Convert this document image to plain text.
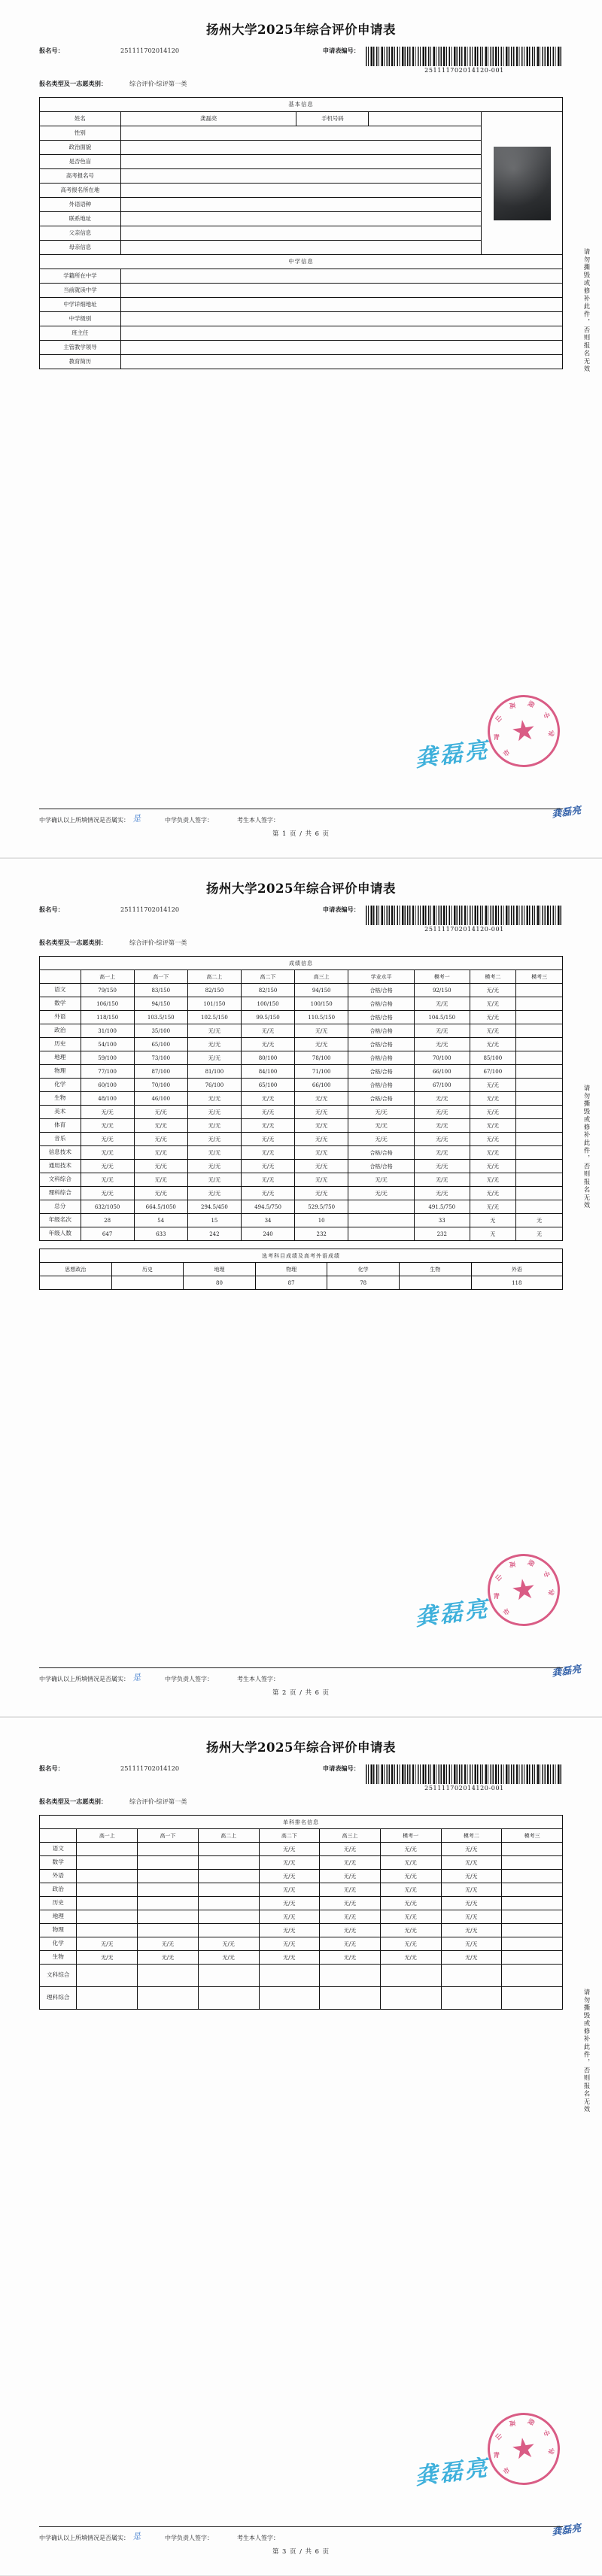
扬州大学2025年综合评价申请表
报名号：	251111702014120	申请表编号：
251111702014120-001
报名类型及一志愿类别：	综合评价-综评第一类
基本信息				
姓名	龚磊亮	手机号码		

性别				
政治面貌				
是否色盲				
高考报名号				
高考报名所在地				
外语语种				
联系地址				
父亲信息				
母亲信息				
中学信息				
学籍所在中学				
当前就读中学				
中学详细地址				
中学级别				
班主任				
主管教学领导				
教育简历					请勿撕毁或修补此件，否则报名无效
市
青
山
高 级
中
学
龚磊亮
龚磊亮
中学确认以上所填情况是否属实： 是	中学负责人签字：	考生本人签字：
第 1 页 / 共 6 页
扬州大学2025年综合评价申请表
报名号：	251111702014120	申请表编号：
251111702014120-001
报名类型及一志愿类别：	综合评价-综评第一类
成绩信息									
	高一上	高一下	高二上	高二下	高三上	学业水平	模考一	模考二	模考三
语文	79/150	83/150	82/150	82/150	94/150	合格/合格	92/150	无/无	
数学	106/150	94/150	101/150	100/150	100/150	合格/合格	无/无	无/无	
外语	118/150	103.5/150	102.5/150	99.5/150	110.5/150	合格/合格	104.5/150	无/无	
政治	31/100	35/100	无/无	无/无	无/无	合格/合格	无/无	无/无	
历史	54/100	65/100	无/无	无/无	无/无	合格/合格	无/无	无/无	
地理	59/100	73/100	无/无	80/100	78/100	合格/合格	70/100	85/100	
物理	77/100	87/100	81/100	84/100	71/100	合格/合格	66/100	67/100	
化学	60/100	70/100	76/100	65/100	66/100	合格/合格	67/100	无/无	
生物	48/100	46/100	无/无	无/无	无/无	合格/合格	无/无	无/无	
美术	无/无	无/无	无/无	无/无	无/无	无/无	无/无	无/无	
体育	无/无	无/无	无/无	无/无	无/无	无/无	无/无	无/无	
音乐	无/无	无/无	无/无	无/无	无/无	无/无	无/无	无/无	
信息技术	无/无	无/无	无/无	无/无	无/无	合格/合格	无/无	无/无	
通用技术	无/无	无/无	无/无	无/无	无/无	合格/合格	无/无	无/无	
文科综合	无/无	无/无	无/无	无/无	无/无	无/无	无/无	无/无	
理科综合	无/无	无/无	无/无	无/无	无/无	无/无	无/无	无/无	
总分	632/1050	664.5/1050	294.5/450	494.5/750	529.5/750		491.5/750	无/无	
年级名次	28	54	15	34	10		33	无	无
年级人数	647	633	242	240	232		232	无	无
选考科目成绩及高考外语成绩						
思想政治	历史	地理	物理	化学	生物	外语
		80	87	78		118
请勿撕毁或修补此件，否则报名无效
市
青
山
高 级
中
学
龚磊亮
龚磊亮
中学确认以上所填情况是否属实： 是	中学负责人签字：	考生本人签字：
第 2 页 / 共 6 页
扬州大学2025年综合评价申请表
报名号：	251111702014120	申请表编号：
251111702014120-001
报名类型及一志愿类别：	综合评价-综评第一类
单科排名信息								
	高一上	高一下	高二上	高二下	高三上	模考一	模考二	模考三
语文				无/无	无/无	无/无	无/无	
数学				无/无	无/无	无/无	无/无	
外语				无/无	无/无	无/无	无/无	
政治				无/无	无/无	无/无	无/无	
历史				无/无	无/无	无/无	无/无	
地理				无/无	无/无	无/无	无/无	
物理				无/无	无/无	无/无	无/无	
化学	无/无	无/无	无/无	无/无	无/无	无/无	无/无	
生物	无/无	无/无	无/无	无/无	无/无	无/无	无/无	
文科综合								
理科综合									请勿撕毁或修补此件，否则报名无效
市
青
山
高 级
中
学
龚磊亮
龚磊亮
中学确认以上所填情况是否属实： 是	中学负责人签字：	考生本人签字：
第 3 页 / 共 6 页
